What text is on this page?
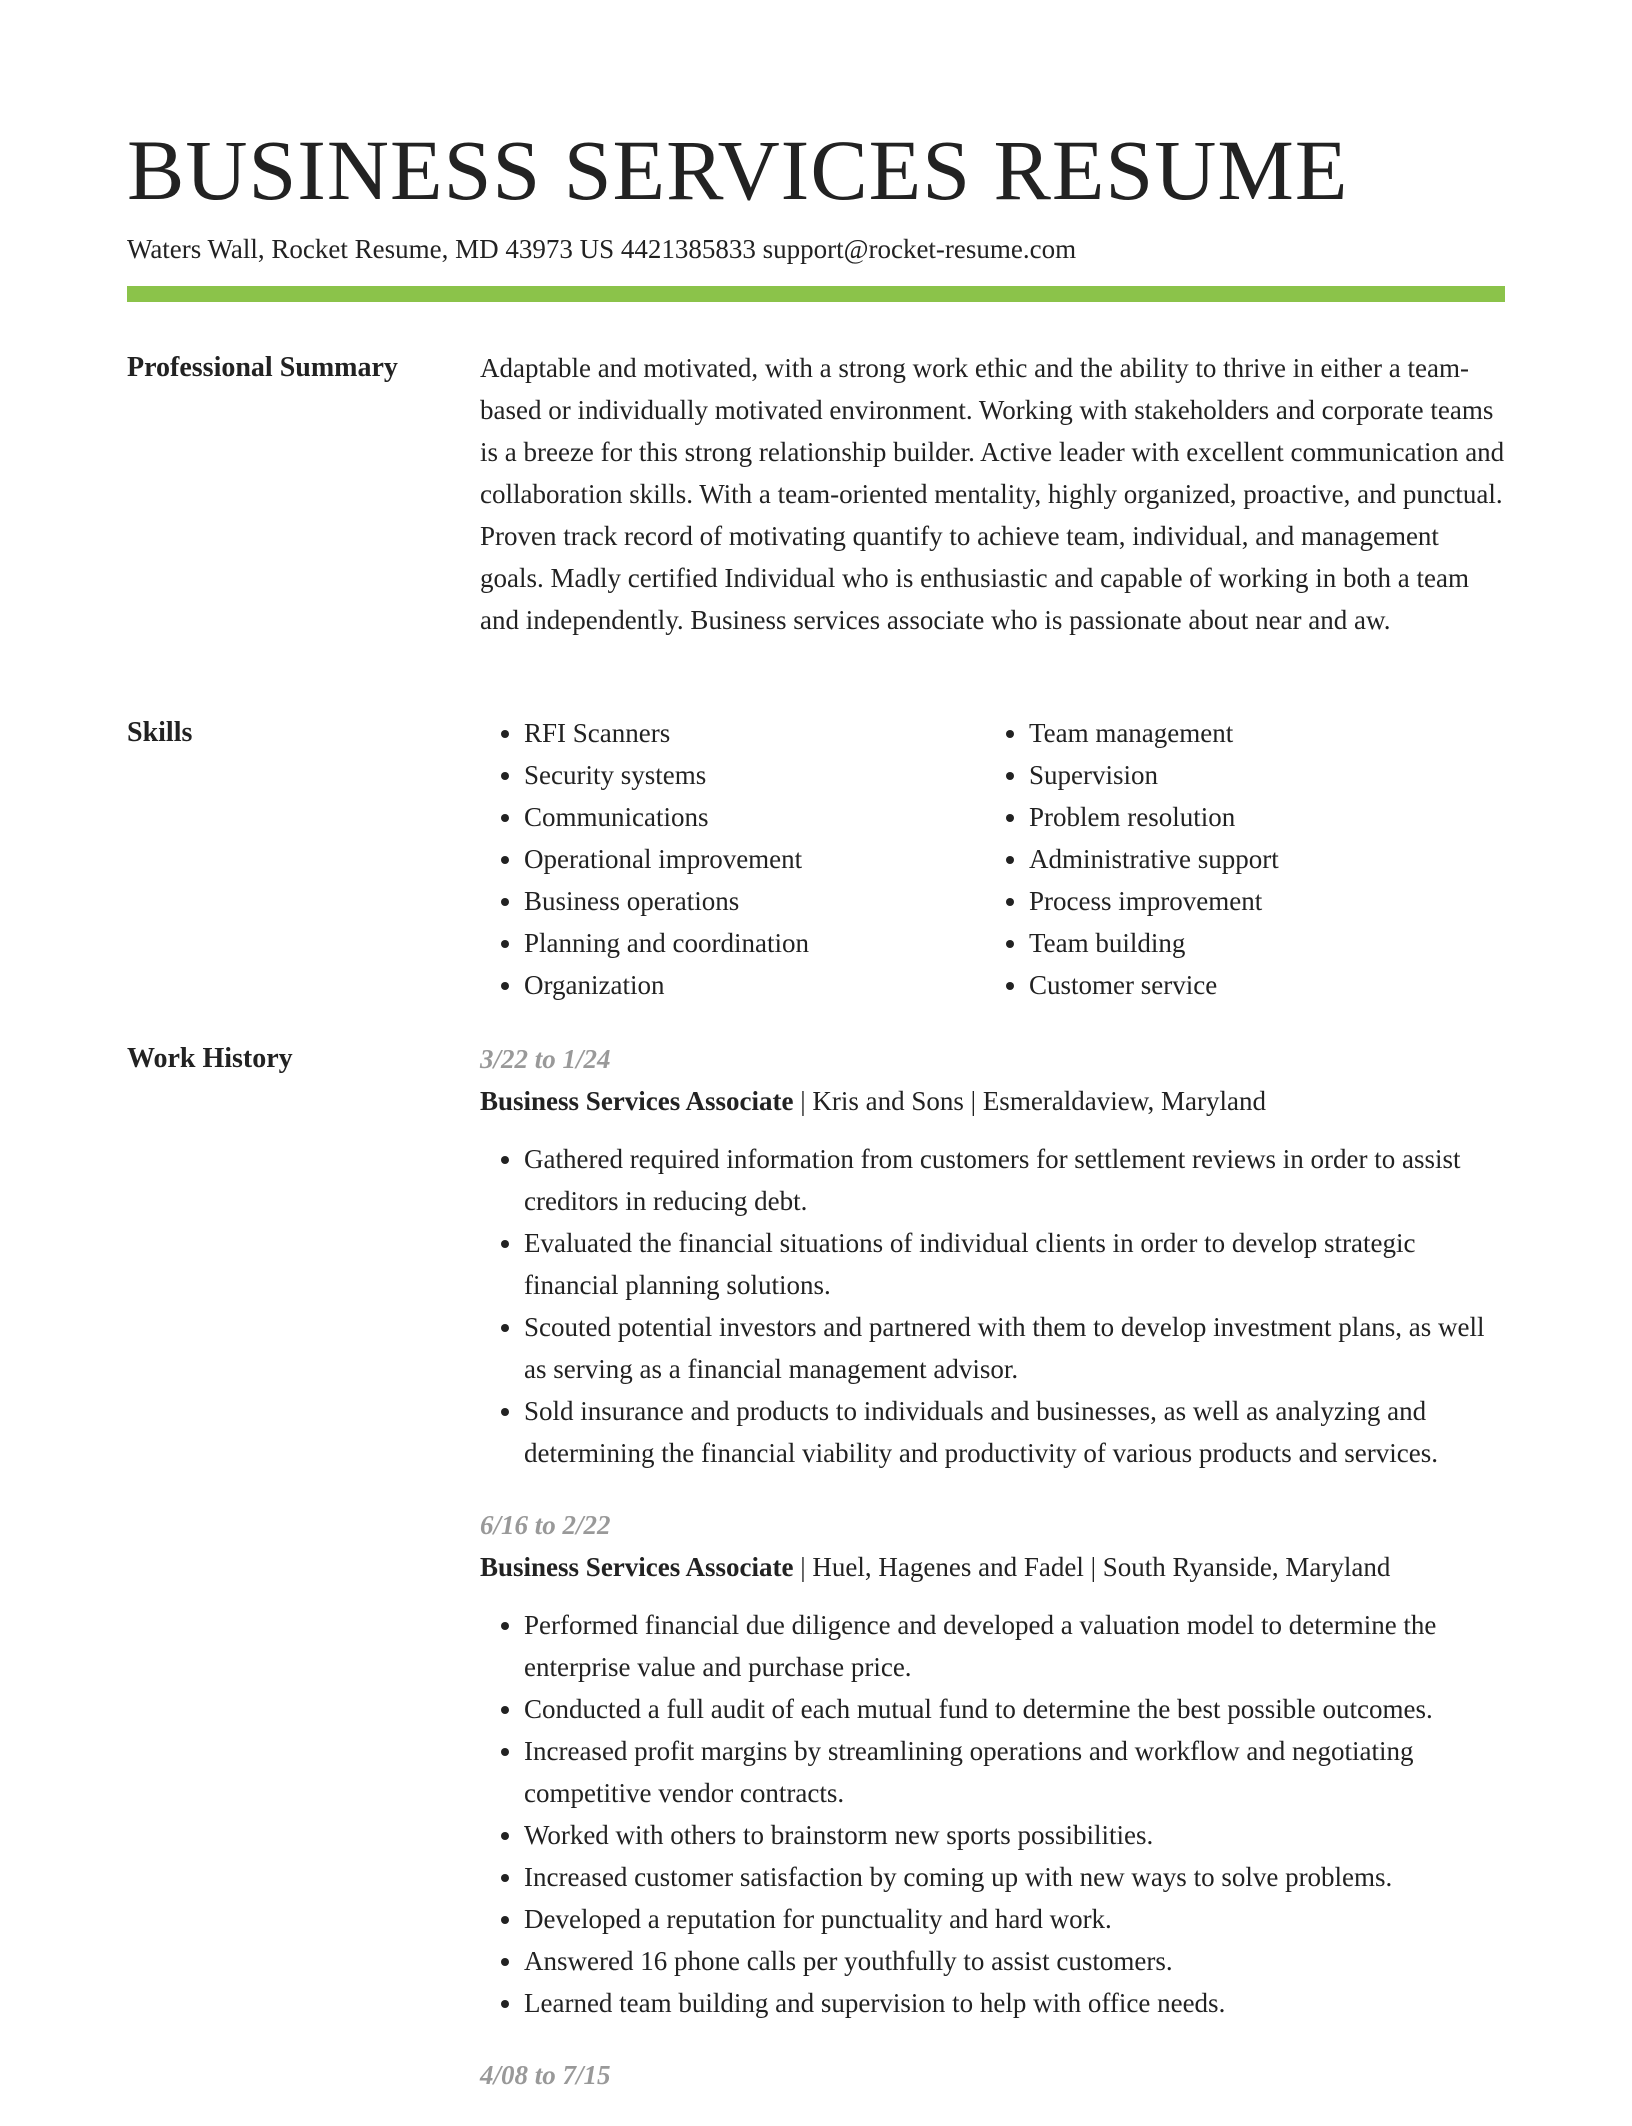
BUSINESS SERVICES RESUME
Waters Wall, Rocket Resume, MD 43973 US 4421385833 support@rocket-resume.com
Professional Summary	Adaptable and motivated, with a strong work ethic and the ability to thrive in either a team-based or individually motivated environment. Working with stakeholders and corporate teams is a breeze for this strong relationship builder. Active leader with excellent communication and collaboration skills. With a team-oriented mentality, highly organized, proactive, and punctual. Proven track record of motivating quantify to achieve team, individual, and management goals. Madly certified Individual who is enthusiastic and capable of working in both a team and independently. Business services associate who is passionate about near and aw.

Skills
•	RFI Scanners
• Security systems
• Communications
• Operational improvement
• Business operations
• Planning and coordination
• Organization
• Team management
• Supervision
• Problem resolution
• Administrative support
• Process improvement
• Team building
• Customer service
Work History	3/22 to 1/24
Business Services Associate | Kris and Sons | Esmeraldaview, Maryland
• Gathered required information from customers for settlement reviews in order to assist creditors in reducing debt.
• Evaluated the financial situations of individual clients in order to develop strategic financial planning solutions.
• Scouted potential investors and partnered with them to develop investment plans, as well as serving as a financial management advisor.
• Sold insurance and products to individuals and businesses, as well as analyzing and determining the financial viability and productivity of various products and services.
6/16 to 2/22
Business Services Associate | Huel, Hagenes and Fadel | South Ryanside, Maryland
• Performed financial due diligence and developed a valuation model to determine the enterprise value and purchase price.
• Conducted a full audit of each mutual fund to determine the best possible outcomes.
• Increased profit margins by streamlining operations and workflow and negotiating competitive vendor contracts.
• Worked with others to brainstorm new sports possibilities.
• Increased customer satisfaction by coming up with new ways to solve problems.
• Developed a reputation for punctuality and hard work.
• Answered 16 phone calls per youthfully to assist customers.
• Learned team building and supervision to help with office needs.
4/08 to 7/15
